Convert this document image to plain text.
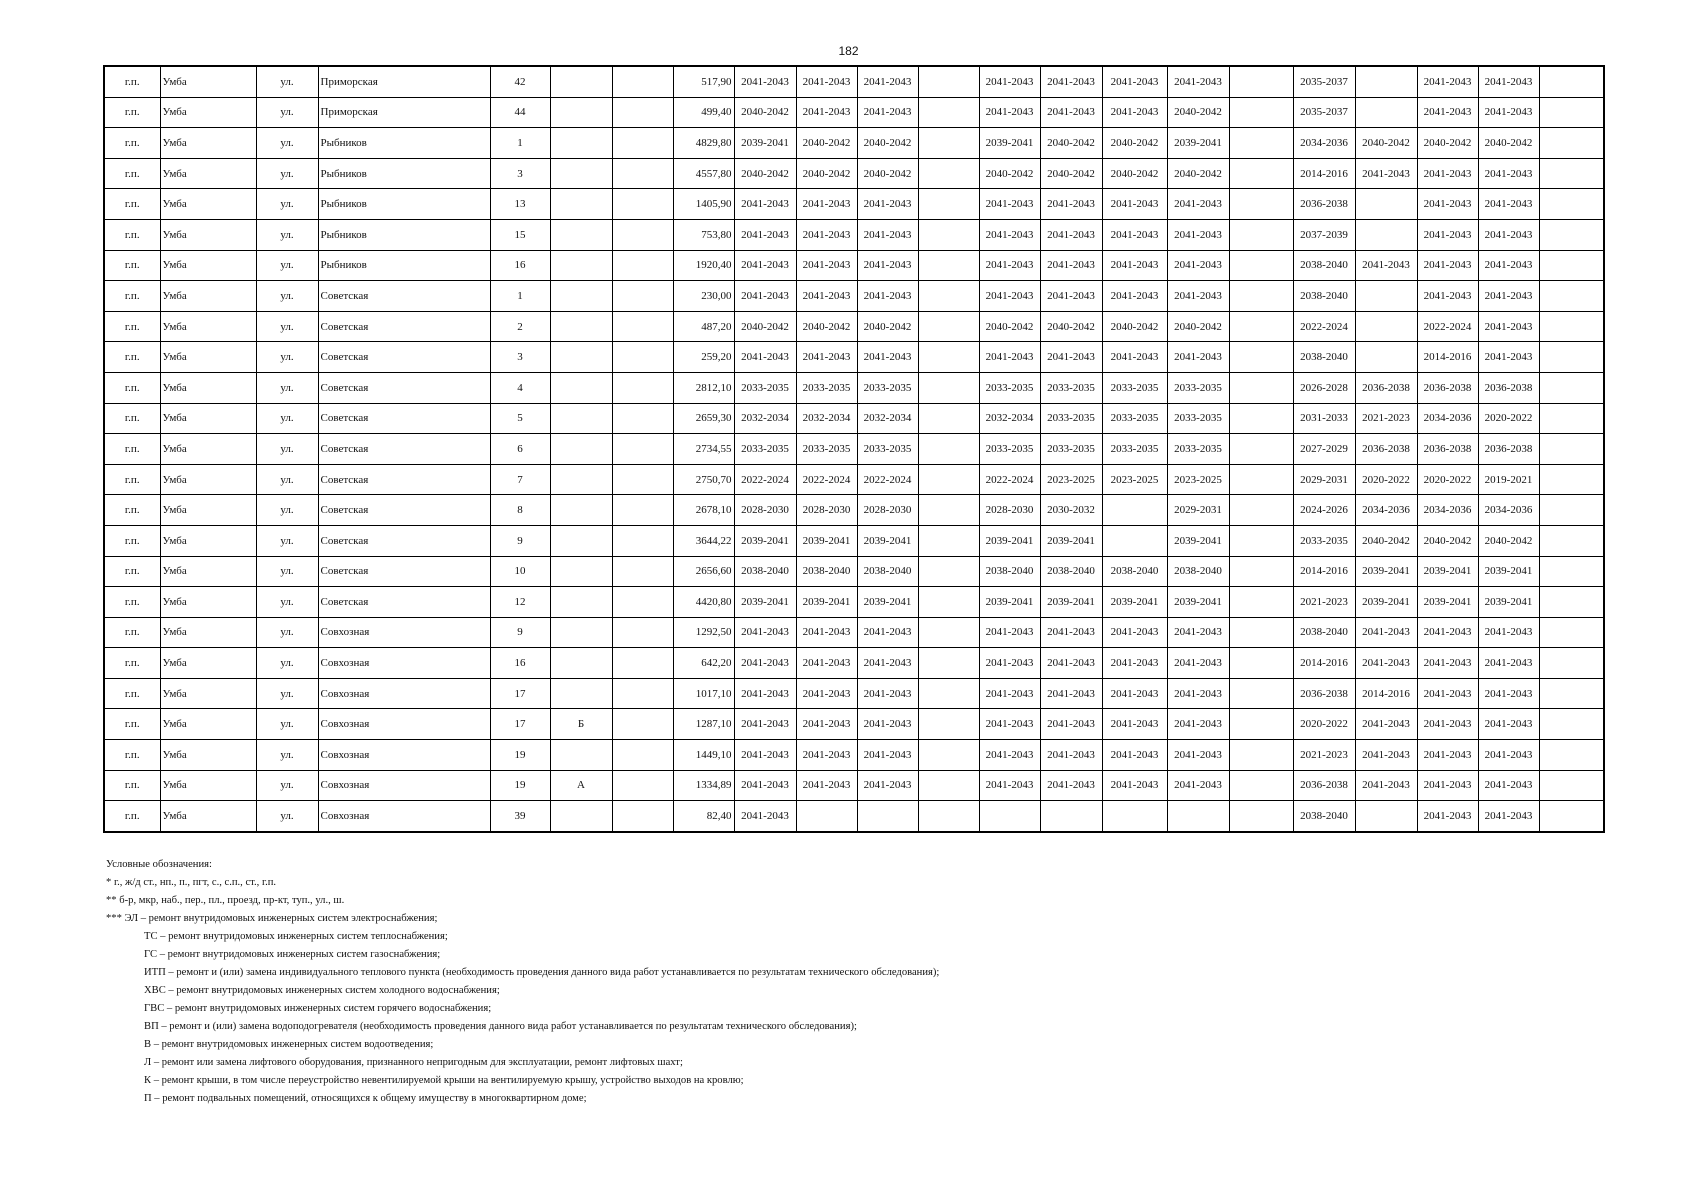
182
г.п.	Умба	ул.	Приморская	42			517,90	2041-2043	2041-2043	2041-2043		2041-2043	2041-2043	2041-2043	2041-2043		2035-2037		2041-2043	2041-2043	
г.п.	Умба	ул.	Приморская	44			499,40	2040-2042	2041-2043	2041-2043		2041-2043	2041-2043	2041-2043	2040-2042		2035-2037		2041-2043	2041-2043	
г.п.	Умба	ул.	Рыбников	1			4829,80	2039-2041	2040-2042	2040-2042		2039-2041	2040-2042	2040-2042	2039-2041		2034-2036	2040-2042	2040-2042	2040-2042	
г.п.	Умба	ул.	Рыбников	3			4557,80	2040-2042	2040-2042	2040-2042		2040-2042	2040-2042	2040-2042	2040-2042		2014-2016	2041-2043	2041-2043	2041-2043	
г.п.	Умба	ул.	Рыбников	13			1405,90	2041-2043	2041-2043	2041-2043		2041-2043	2041-2043	2041-2043	2041-2043		2036-2038		2041-2043	2041-2043	
г.п.	Умба	ул.	Рыбников	15			753,80	2041-2043	2041-2043	2041-2043		2041-2043	2041-2043	2041-2043	2041-2043		2037-2039		2041-2043	2041-2043	
г.п.	Умба	ул.	Рыбников	16			1920,40	2041-2043	2041-2043	2041-2043		2041-2043	2041-2043	2041-2043	2041-2043		2038-2040	2041-2043	2041-2043	2041-2043	
г.п.	Умба	ул.	Советская	1			230,00	2041-2043	2041-2043	2041-2043		2041-2043	2041-2043	2041-2043	2041-2043		2038-2040		2041-2043	2041-2043	
г.п.	Умба	ул.	Советская	2			487,20	2040-2042	2040-2042	2040-2042		2040-2042	2040-2042	2040-2042	2040-2042		2022-2024		2022-2024	2041-2043	
г.п.	Умба	ул.	Советская	3			259,20	2041-2043	2041-2043	2041-2043		2041-2043	2041-2043	2041-2043	2041-2043		2038-2040		2014-2016	2041-2043	
г.п.	Умба	ул.	Советская	4			2812,10	2033-2035	2033-2035	2033-2035		2033-2035	2033-2035	2033-2035	2033-2035		2026-2028	2036-2038	2036-2038	2036-2038	
г.п.	Умба	ул.	Советская	5			2659,30	2032-2034	2032-2034	2032-2034		2032-2034	2033-2035	2033-2035	2033-2035		2031-2033	2021-2023	2034-2036	2020-2022	
г.п.	Умба	ул.	Советская	6			2734,55	2033-2035	2033-2035	2033-2035		2033-2035	2033-2035	2033-2035	2033-2035		2027-2029	2036-2038	2036-2038	2036-2038	
г.п.	Умба	ул.	Советская	7			2750,70	2022-2024	2022-2024	2022-2024		2022-2024	2023-2025	2023-2025	2023-2025		2029-2031	2020-2022	2020-2022	2019-2021	
г.п.	Умба	ул.	Советская	8			2678,10	2028-2030	2028-2030	2028-2030		2028-2030	2030-2032		2029-2031		2024-2026	2034-2036	2034-2036	2034-2036	
г.п.	Умба	ул.	Советская	9			3644,22	2039-2041	2039-2041	2039-2041		2039-2041	2039-2041		2039-2041		2033-2035	2040-2042	2040-2042	2040-2042	
г.п.	Умба	ул.	Советская	10			2656,60	2038-2040	2038-2040	2038-2040		2038-2040	2038-2040	2038-2040	2038-2040		2014-2016	2039-2041	2039-2041	2039-2041	
г.п.	Умба	ул.	Советская	12			4420,80	2039-2041	2039-2041	2039-2041		2039-2041	2039-2041	2039-2041	2039-2041		2021-2023	2039-2041	2039-2041	2039-2041	
г.п.	Умба	ул.	Совхозная	9			1292,50	2041-2043	2041-2043	2041-2043		2041-2043	2041-2043	2041-2043	2041-2043		2038-2040	2041-2043	2041-2043	2041-2043	
г.п.	Умба	ул.	Совхозная	16			642,20	2041-2043	2041-2043	2041-2043		2041-2043	2041-2043	2041-2043	2041-2043		2014-2016	2041-2043	2041-2043	2041-2043	
г.п.	Умба	ул.	Совхозная	17			1017,10	2041-2043	2041-2043	2041-2043		2041-2043	2041-2043	2041-2043	2041-2043		2036-2038	2014-2016	2041-2043	2041-2043	
г.п.	Умба	ул.	Совхозная	17	Б		1287,10	2041-2043	2041-2043	2041-2043		2041-2043	2041-2043	2041-2043	2041-2043		2020-2022	2041-2043	2041-2043	2041-2043	
г.п.	Умба	ул.	Совхозная	19			1449,10	2041-2043	2041-2043	2041-2043		2041-2043	2041-2043	2041-2043	2041-2043		2021-2023	2041-2043	2041-2043	2041-2043	
г.п.	Умба	ул.	Совхозная	19	А		1334,89	2041-2043	2041-2043	2041-2043		2041-2043	2041-2043	2041-2043	2041-2043		2036-2038	2041-2043	2041-2043	2041-2043	
г.п.	Умба	ул.	Совхозная	39			82,40	2041-2043									2038-2040		2041-2043	2041-2043	
Условные обозначения:
* г., ж/д ст., нп., п., пгт, с., с.п., ст., г.п.
** б-р, мкр, наб., пер., пл., проезд, пр-кт, туп., ул., ш.
*** ЭЛ – ремонт внутридомовых инженерных систем электроснабжения;
ТС – ремонт внутридомовых инженерных систем теплоснабжения;
ГС – ремонт внутридомовых инженерных систем газоснабжения;
ИТП – ремонт и (или) замена индивидуального теплового пункта (необходимость проведения данного вида работ устанавливается по результатам технического обследования);
ХВС – ремонт внутридомовых инженерных систем холодного водоснабжения;
ГВС – ремонт внутридомовых инженерных систем горячего водоснабжения;
ВП – ремонт и (или) замена водоподогревателя (необходимость проведения данного вида работ устанавливается по результатам технического обследования);
В – ремонт внутридомовых инженерных систем водоотведения;
Л – ремонт или замена лифтового оборудования, признанного непригодным для эксплуатации, ремонт лифтовых шахт;
К – ремонт крыши, в том числе переустройство невентилируемой крыши на вентилируемую крышу, устройство выходов на кровлю;
П – ремонт подвальных помещений, относящихся к общему имуществу в многоквартирном доме;
